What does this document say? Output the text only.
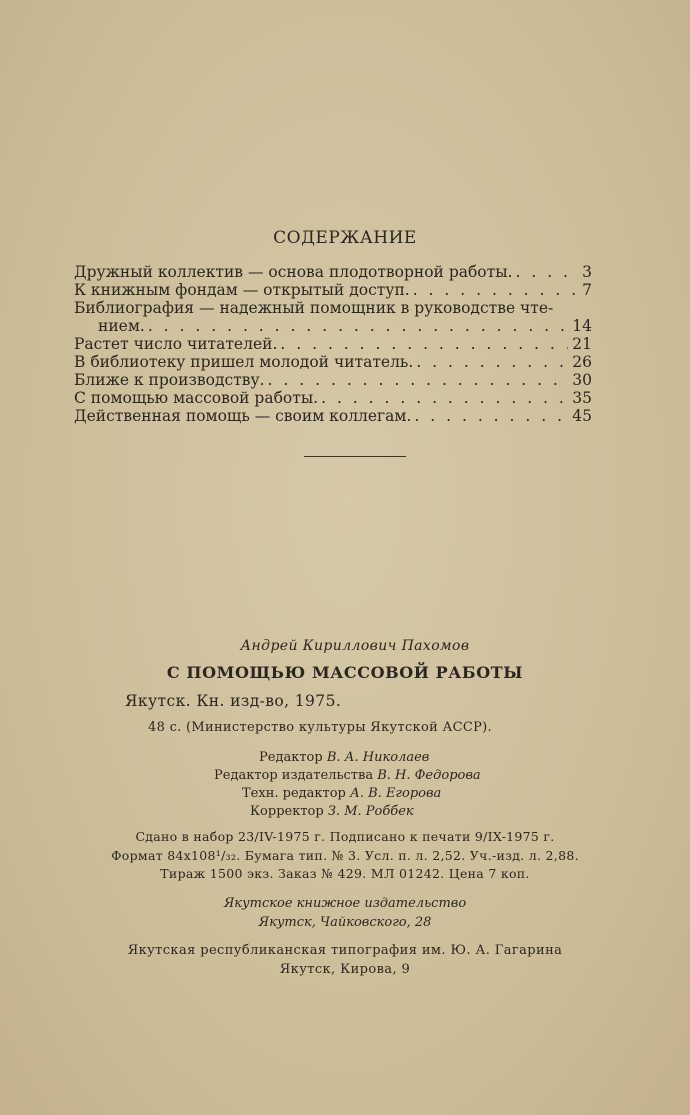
СОДЕРЖАНИЕ
Дружный коллектив — основа плодотворной работы. . . .	3
К книжным фондам — открытый доступ. . . .	7
Библиография — надежный помощник в руководстве чте-
нием. . . .	14
Растет число читателей. . . .	21
В библиотеку пришел молодой читатель. . . .	26
Ближе к производству. . . .	30
С помощью массовой работы. . . .	35
Действенная помощь — своим коллегам. . . .	45
Андрей Кириллович Пахомов
С ПОМОЩЬЮ МАССОВОЙ РАБОТЫ
Якутск. Кн. изд-во, 1975.
48 с. (Министерство культуры Якутской АССР).
Редактор В. А. Николаев
Редактор издательства В. Н. Федорова
Техн. редактор А. В. Егорова
Корректор З. М. Роббек
Сдано в набор 23/IV-1975 г. Подписано к печати 9/IX-1975 г.
Формат 84х108¹/₃₂. Бумага тип. № 3. Усл. п. л. 2,52. Уч.-изд. л. 2,88.
Тираж 1500 экз. Заказ № 429. МЛ 01242. Цена 7 коп.
Якутское книжное издательство
Якутск, Чайковского, 28
Якутская республиканская типография им. Ю. А. Гагарина
Якутск, Кирова, 9
